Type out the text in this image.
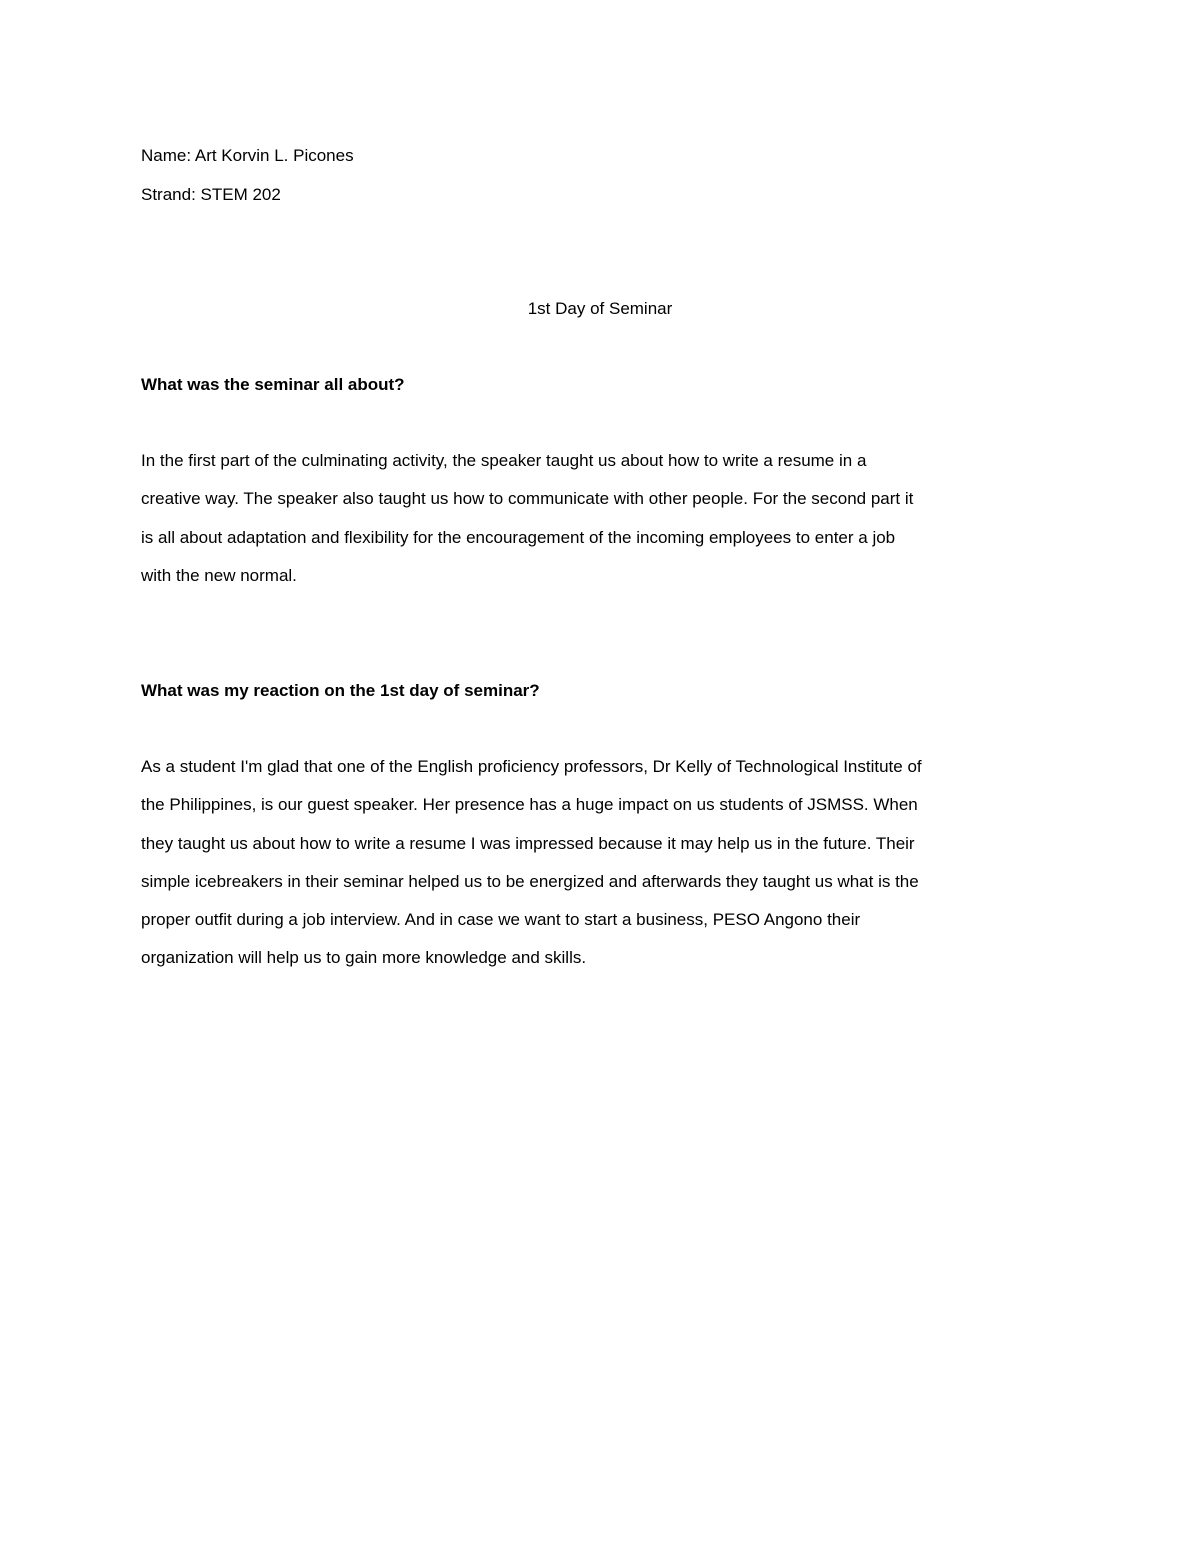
Name: Art Korvin L. Picones
Strand: STEM 202
1st Day of Seminar
What was the seminar all about?
In the first part of the culminating activity, the speaker taught us about how to write a resume in a
creative way. The speaker also taught us how to communicate with other people. For the second part it
is all about adaptation and flexibility for the encouragement of the incoming employees to enter a job
with the new normal.
What was my reaction on the 1st day of seminar?
As a student I'm glad that one of the English proficiency professors, Dr Kelly of Technological Institute of
the Philippines, is our guest speaker. Her presence has a huge impact on us students of JSMSS. When
they taught us about how to write a resume I was impressed because it may help us in the future. Their
simple icebreakers in their seminar helped us to be energized and afterwards they taught us what is the
proper outfit during a job interview. And in case we want to start a business, PESO Angono their
organization will help us to gain more knowledge and skills.
